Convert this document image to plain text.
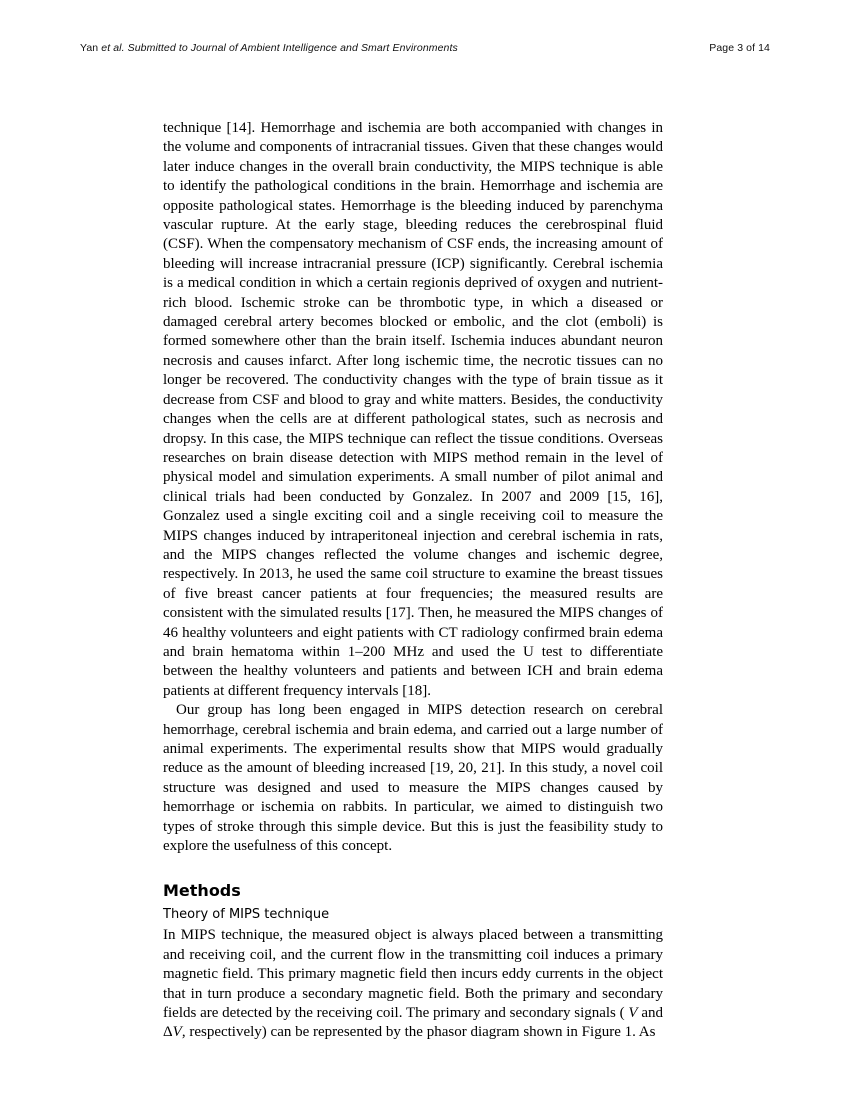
Yan et al. Submitted to Journal of Ambient Intelligence and Smart Environments	Page 3 of 14

technique [14]. Hemorrhage and ischemia are both accompanied with changes in the volume and components of intracranial tissues. Given that these changes would later induce changes in the overall brain conductivity, the MIPS technique is able to identify the pathological conditions in the brain. Hemorrhage and ischemia are opposite pathological states. Hemorrhage is the bleeding induced by parenchyma vascular rupture. At the early stage, bleeding reduces the cerebrospinal fluid (CSF). When the compensatory mechanism of CSF ends, the increasing amount of bleeding will increase intracranial pressure (ICP) significantly. Cerebral ischemia is a medical condition in which a certain regionis deprived of oxygen and nutrient-rich blood. Ischemic stroke can be thrombotic type, in which a diseased or damaged cerebral artery becomes blocked or embolic, and the clot (emboli) is formed somewhere other than the brain itself. Ischemia induces abundant neuron necrosis and causes infarct. After long ischemic time, the necrotic tissues can no longer be recovered. The conductivity changes with the type of brain tissue as it decrease from CSF and blood to gray and white matters. Besides, the conductivity changes when the cells are at different pathological states, such as necrosis and dropsy. In this case, the MIPS technique can reflect the tissue conditions. Overseas researches on brain disease detection with MIPS method remain in the level of physical model and simulation experiments. A small number of pilot animal and clinical trials had been conducted by Gonzalez. In 2007 and 2009 [15, 16], Gonzalez used a single exciting coil and a single receiving coil to measure the MIPS changes induced by intraperitoneal injection and cerebral ischemia in rats, and the MIPS changes reflected the volume changes and ischemic degree, respectively. In 2013, he used the same coil structure to examine the breast tissues of five breast cancer patients at four frequencies; the measured results are consistent with the simulated results [17]. Then, he measured the MIPS changes of 46 healthy volunteers and eight patients with CT radiology confirmed brain edema and brain hematoma within 1–200 MHz and used the U test to differentiate between the healthy volunteers and patients and between ICH and brain edema patients at different frequency intervals [18].

Our group has long been engaged in MIPS detection research on cerebral hemorrhage, cerebral ischemia and brain edema, and carried out a large number of animal experiments. The experimental results show that MIPS would gradually reduce as the amount of bleeding increased [19, 20, 21]. In this study, a novel coil structure was designed and used to measure the MIPS changes caused by hemorrhage or ischemia on rabbits. In particular, we aimed to distinguish two types of stroke through this simple device. But this is just the feasibility study to explore the usefulness of this concept.

Methods
Theory of MIPS technique

In MIPS technique, the measured object is always placed between a transmitting and receiving coil, and the current flow in the transmitting coil induces a primary magnetic field. This primary magnetic field then incurs eddy currents in the object that in turn produce a secondary magnetic field. Both the primary and secondary fields are detected by the receiving coil. The primary and secondary signals ( V and ΔV, respectively) can be represented by the phasor diagram shown in Figure 1. As
